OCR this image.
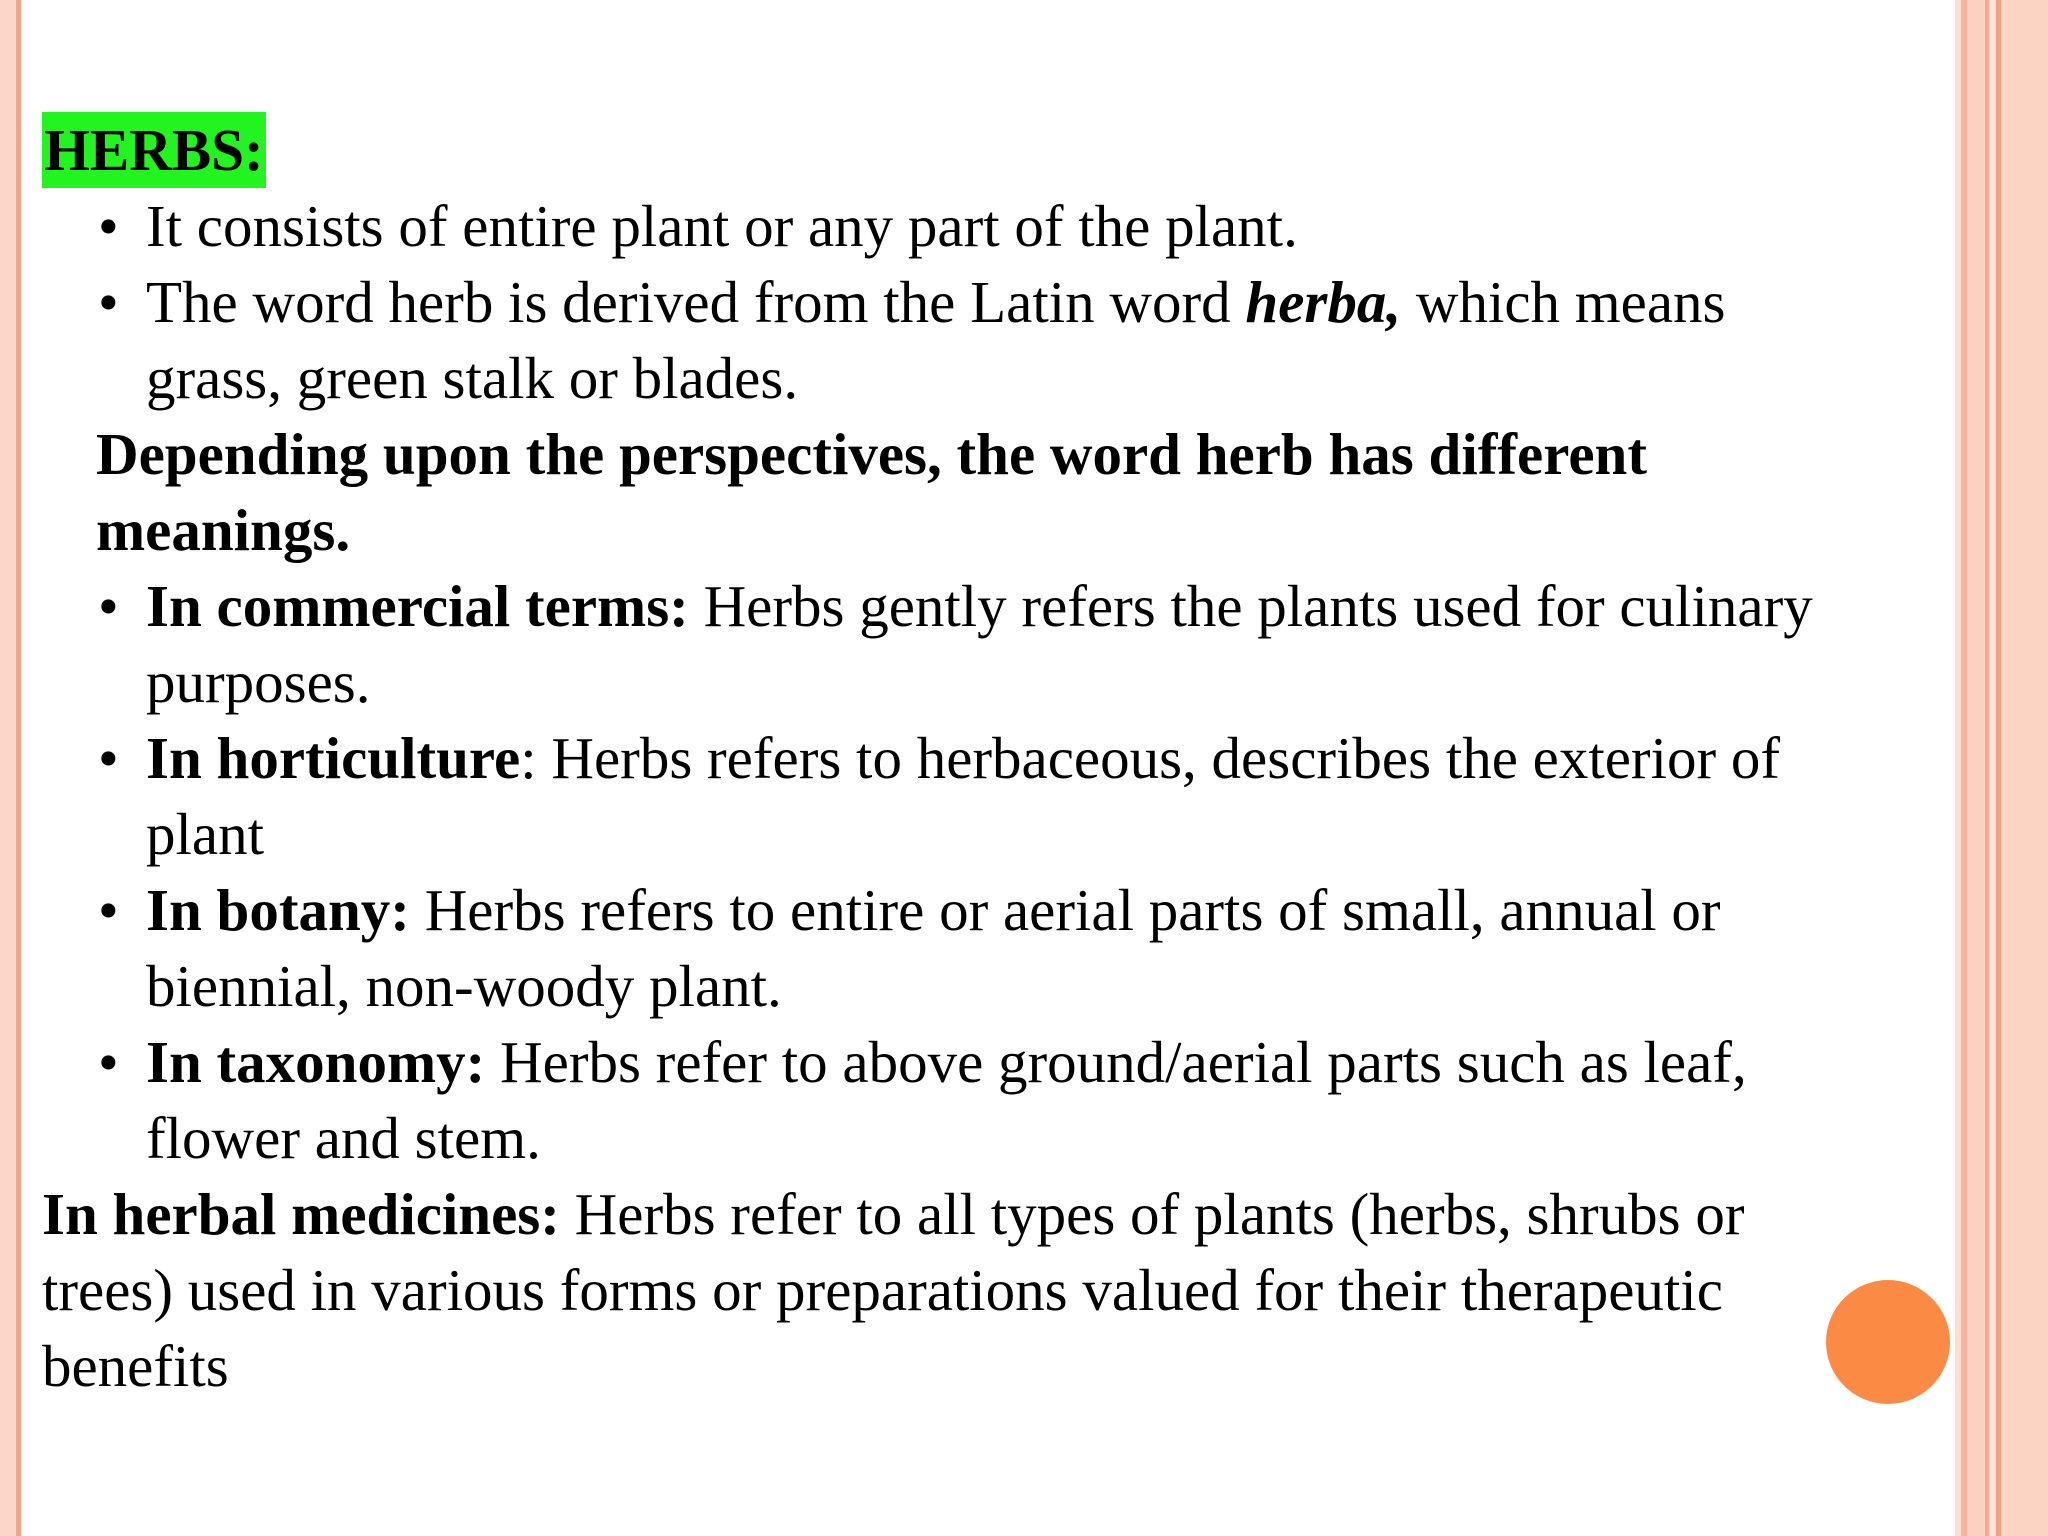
HERBS:
• It consists of entire plant or any part of the plant.
• The word herb is derived from the Latin word herba, which means
grass, green stalk or blades.
Depending upon the perspectives, the word herb has different
meanings.
• In commercial terms: Herbs gently refers the plants used for culinary
purposes.
• In horticulture: Herbs refers to herbaceous, describes the exterior of
plant
• In botany: Herbs refers to entire or aerial parts of small, annual or
biennial, non-woody plant.
• In taxonomy: Herbs refer to above ground/aerial parts such as leaf,
flower and stem.
In herbal medicines: Herbs refer to all types of plants (herbs, shrubs or
trees) used in various forms or preparations valued for their therapeutic
benefits
